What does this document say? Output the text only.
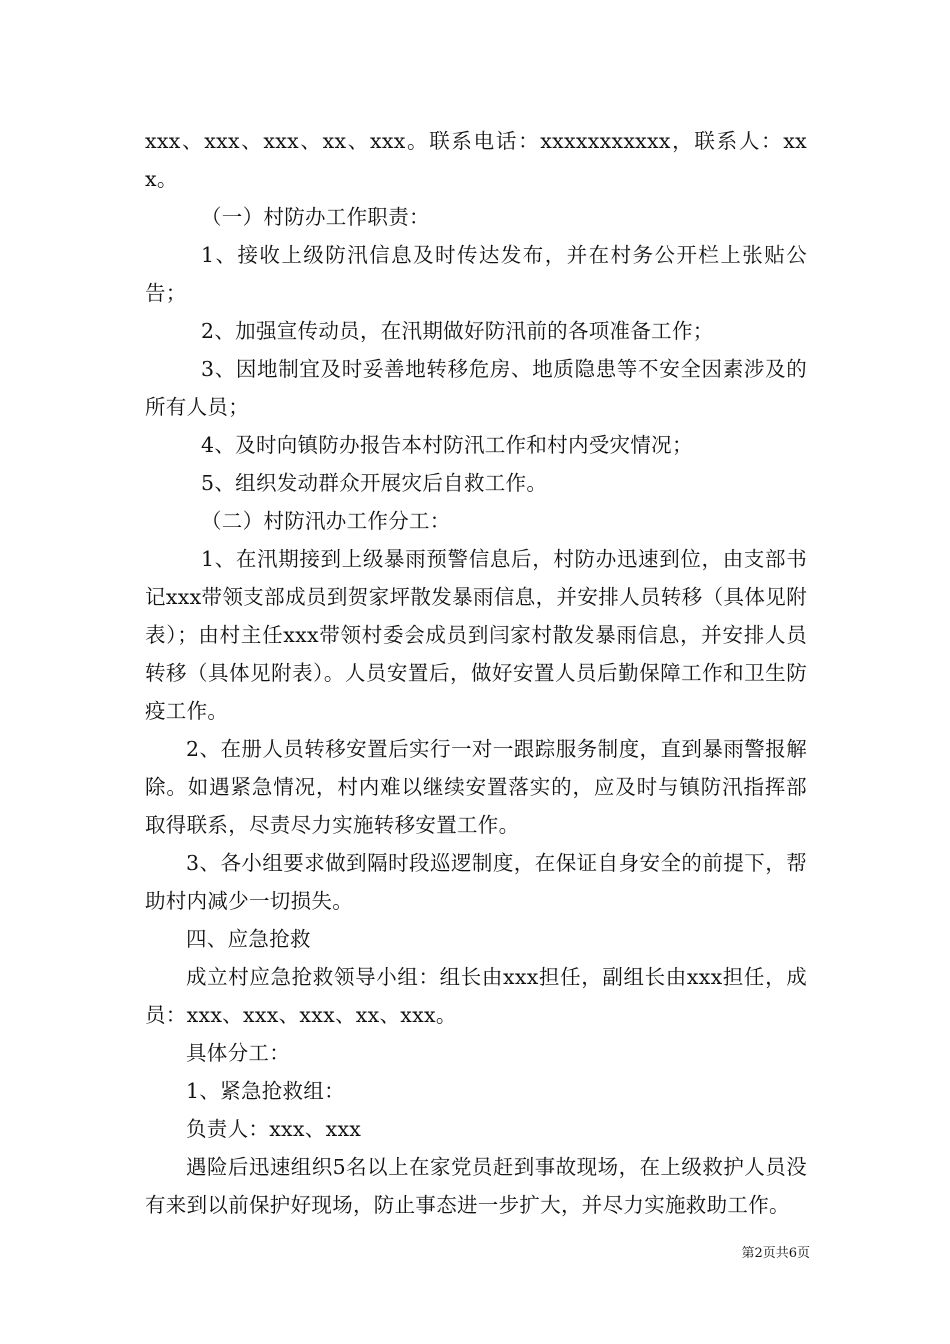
xxx、xxx、xxx、xx、xxx。联系电话：xxxxxxxxxxx，联系人：xxx。

（一）村防办工作职责：

1、接收上级防汛信息及时传达发布，并在村务公开栏上张贴公告；

2、加强宣传动员，在汛期做好防汛前的各项准备工作；

3、因地制宜及时妥善地转移危房、地质隐患等不安全因素涉及的所有人员；

4、及时向镇防办报告本村防汛工作和村内受灾情况；

5、组织发动群众开展灾后自救工作。

（二）村防汛办工作分工：

1、在汛期接到上级暴雨预警信息后，村防办迅速到位，由支部书记xxx带领支部成员到贺家坪散发暴雨信息，并安排人员转移（具体见附表）；由村主任xxx带领村委会成员到闫家村散发暴雨信息，并安排人员转移（具体见附表）。人员安置后，做好安置人员后勤保障工作和卫生防疫工作。

2、在册人员转移安置后实行一对一跟踪服务制度，直到暴雨警报解除。如遇紧急情况，村内难以继续安置落实的，应及时与镇防汛指挥部取得联系，尽责尽力实施转移安置工作。

3、各小组要求做到隔时段巡逻制度，在保证自身安全的前提下，帮助村内减少一切损失。

四、应急抢救

成立村应急抢救领导小组：组长由xxx担任，副组长由xxx担任，成员：xxx、xxx、xxx、xx、xxx。

具体分工：

1、紧急抢救组：

负责人：xxx、xxx

遇险后迅速组织5名以上在家党员赶到事故现场，在上级救护人员没有来到以前保护好现场，防止事态进一步扩大，并尽力实施救助工作。

第2页共6页
